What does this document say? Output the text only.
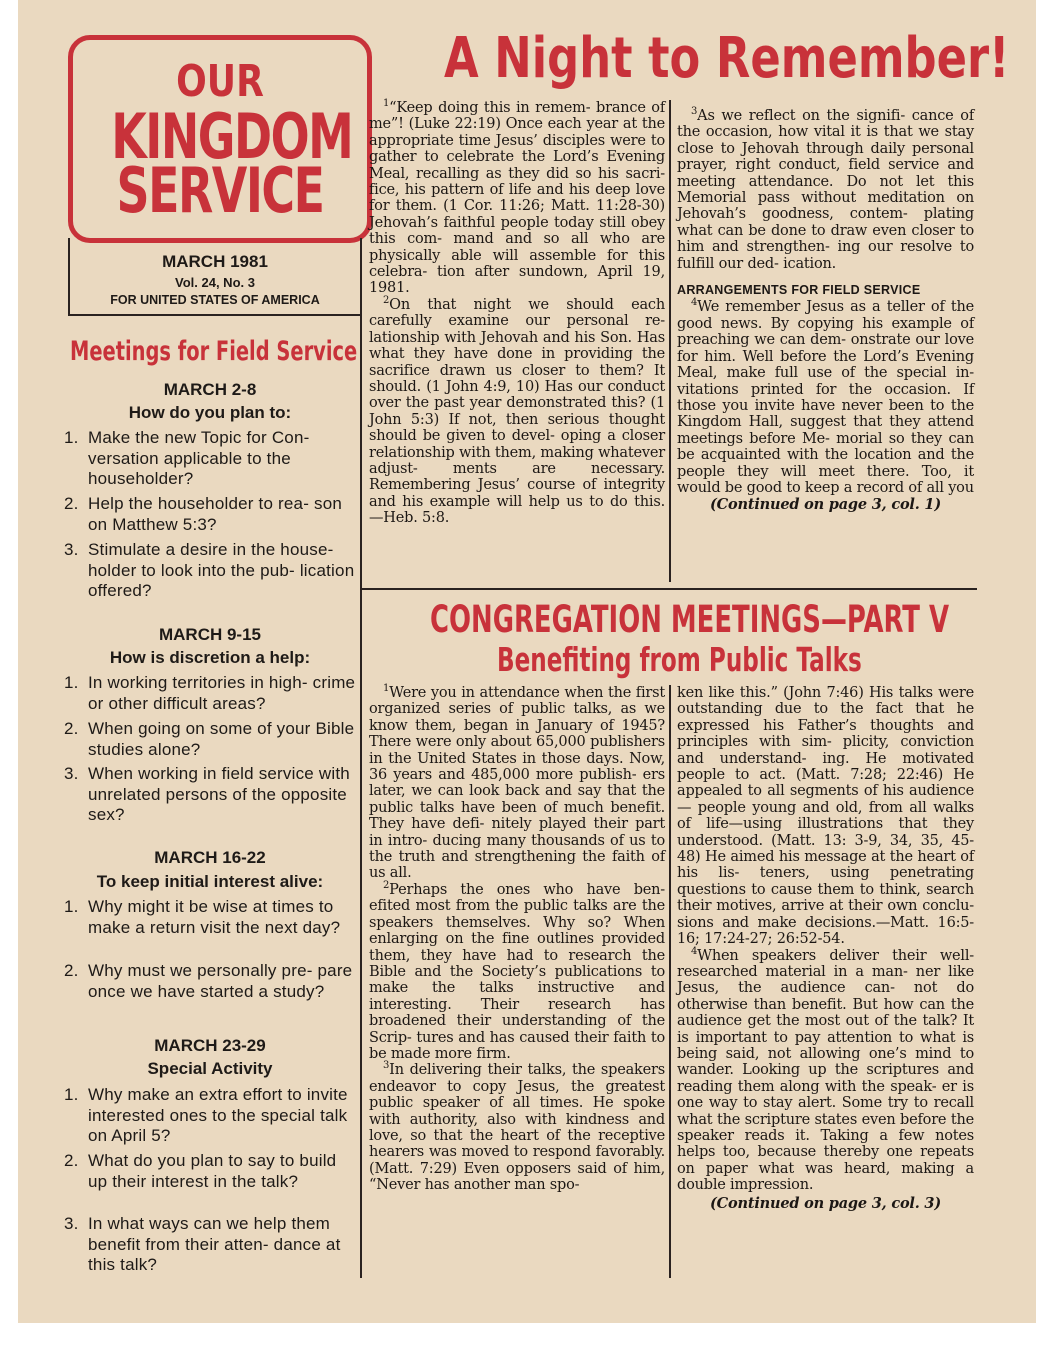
OUR
KINGDOM
SERVICE
MARCH 1981
Vol. 24, No. 3
FOR UNITED STATES OF AMERICA
Meetings for Field Service
MARCH 2-8
How do you plan to:
1. Make the new Topic for Con- versation applicable to the householder?
2. Help the householder to rea- son on Matthew 5:3?
3. Stimulate a desire in the house- holder to look into the pub- lication offered?
MARCH 9-15
How is discretion a help:
1. In working territories in high- crime or other difficult areas?
2. When going on some of your Bible studies alone?
3. When working in field service with unrelated persons of the opposite sex?
MARCH 16-22
To keep initial interest alive:
1. Why might it be wise at times to make a return visit the next day?
2. Why must we personally pre- pare once we have started a study?
MARCH 23-29
Special Activity
1. Why make an extra effort to invite interested ones to the special talk on April 5?
2. What do you plan to say to build up their interest in the talk?
3. In what ways can we help them benefit from their atten- dance at this talk?
A Night to Remember!

$^1$“Keep doing this in remem- brance of me”! (Luke 22:19) Once each year at the appropriate time Jesus’ disciples were to gather to celebrate the Lord’s Evening Meal, recalling as they did so his sacri- fice, his pattern of life and his deep love for them. (1 Cor. 11:26; Matt. 11:28-30) Jehovah’s faithful people today still obey this com- mand and so all who are physically able will assemble for this celebra- tion after sundown, April 19, 1981.

$^2$On that night we should each carefully examine our personal re- lationship with Jehovah and his Son. Has what they have done in providing the sacrifice drawn us closer to them? It should. (1 John 4:9, 10) Has our conduct over the past year demonstrated this? (1 John 5:3) If not, then serious thought should be given to devel- oping a closer relationship with them, making whatever adjust- ments are necessary. Remembering Jesus’ course of integrity and his example will help us to do this. —Heb. 5:8.

$^3$As we reflect on the signifi- cance of the occasion, how vital it is that we stay close to Jehovah through daily personal prayer, right conduct, field service and meeting attendance. Do not let this Memorial pass without meditation on Jehovah’s goodness, contem- plating what can be done to draw even closer to him and strengthen- ing our resolve to fulfill our ded- ication.

ARRANGEMENTS FOR FIELD SERVICE

$^4$We remember Jesus as a teller of the good news. By copying his example of preaching we can dem- onstrate our love for him. Well before the Lord’s Evening Meal, make full use of the special in- vitations printed for the occasion. If those you invite have never been to the Kingdom Hall, suggest that they attend meetings before Me- morial so they can be acquainted with the location and the people they will meet there. Too, it would be good to keep a record of all you

(Continued on page 3, col. 1)
CONGREGATION MEETINGS—PART V
Benefiting from Public Talks

$^1$Were you in attendance when the first organized series of public talks, as we know them, began in January of 1945? There were only about 65,000 publishers in the United States in those days. Now, 36 years and 485,000 more publish- ers later, we can look back and say that the public talks have been of much benefit. They have defi- nitely played their part in intro- ducing many thousands of us to the truth and strengthening the faith of us all.

$^2$Perhaps the ones who have ben- efited most from the public talks are the speakers themselves. Why so? When enlarging on the fine outlines provided them, they have had to research the Bible and the Society’s publications to make the talks instructive and interesting. Their research has broadened their understanding of the Scrip- tures and has caused their faith to be made more firm.

$^3$In delivering their talks, the speakers endeavor to copy Jesus, the greatest public speaker of all times. He spoke with authority, also with kindness and love, so that the heart of the receptive hearers was moved to respond favorably. (Matt. 7:29) Even opposers said of him, “Never has another man spo-

ken like this.” (John 7:46) His talks were outstanding due to the fact that he expressed his Father’s thoughts and principles with sim- plicity, conviction and understand- ing. He motivated people to act. (Matt. 7:28; 22:46) He appealed to all segments of his audience— people young and old, from all walks of life—using illustrations that they understood. (Matt. 13: 3-9, 34, 35, 45-48) He aimed his message at the heart of his lis- teners, using penetrating questions to cause them to think, search their motives, arrive at their own conclu- sions and make decisions.—Matt. 16:5-16; 17:24-27; 26:52-54.

$^4$When speakers deliver their well-researched material in a man- ner like Jesus, the audience can- not do otherwise than benefit. But how can the audience get the most out of the talk? It is important to pay attention to what is being said, not allowing one’s mind to wander. Looking up the scriptures and reading them along with the speak- er is one way to stay alert. Some try to recall what the scripture states even before the speaker reads it. Taking a few notes helps too, because thereby one repeats on paper what was heard, making a double impression.

(Continued on page 3, col. 3)
